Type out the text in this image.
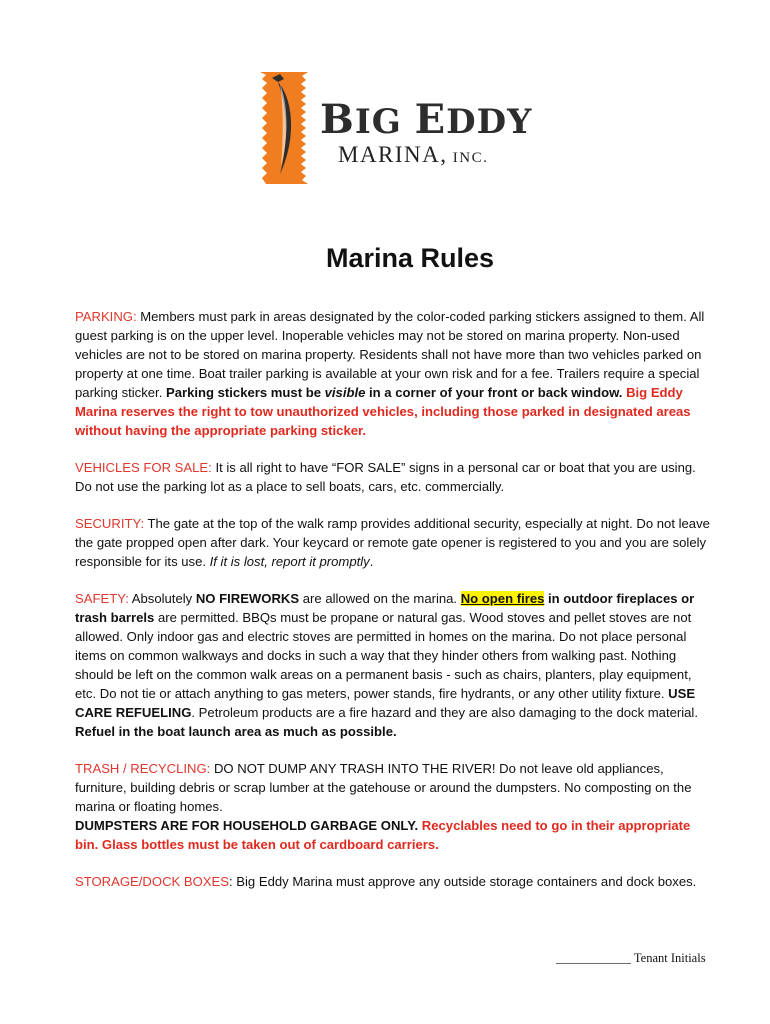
BIG EDDY
MARINA, INC.
Marina Rules

PARKING: Members must park in areas designated by the color-coded parking stickers assigned to them. All guest parking is on the upper level. Inoperable vehicles may not be stored on marina property. Non-used vehicles are not to be stored on marina property. Residents shall not have more than two vehicles parked on property at one time. Boat trailer parking is available at your own risk and for a fee. Trailers require a special parking sticker. Parking stickers must be visible in a corner of your front or back window. Big Eddy Marina reserves the right to tow unauthorized vehicles, including those parked in designated areas without having the appropriate parking sticker.

VEHICLES FOR SALE: It is all right to have “FOR SALE” signs in a personal car or boat that you are using. Do not use the parking lot as a place to sell boats, cars, etc. commercially.

SECURITY: The gate at the top of the walk ramp provides additional security, especially at night. Do not leave the gate propped open after dark. Your keycard or remote gate opener is registered to you and you are solely responsible for its use. If it is lost, report it promptly.

SAFETY: Absolutely NO FIREWORKS are allowed on the marina. No open fires in outdoor fireplaces or trash barrels are permitted. BBQs must be propane or natural gas. Wood stoves and pellet stoves are not allowed. Only indoor gas and electric stoves are permitted in homes on the marina. Do not place personal items on common walkways and docks in such a way that they hinder others from walking past. Nothing should be left on the common walk areas on a permanent basis - such as chairs, planters, play equipment, etc. Do not tie or attach anything to gas meters, power stands, fire hydrants, or any other utility fixture. USE CARE REFUELING. Petroleum products are a fire hazard and they are also damaging to the dock material. Refuel in the boat launch area as much as possible.

TRASH / RECYCLING: DO NOT DUMP ANY TRASH INTO THE RIVER! Do not leave old appliances, furniture, building debris or scrap lumber at the gatehouse or around the dumpsters. No composting on the marina or floating homes.

DUMPSTERS ARE FOR HOUSEHOLD GARBAGE ONLY. Recyclables need to go in their appropriate bin. Glass bottles must be taken out of cardboard carriers.

STORAGE/DOCK BOXES: Big Eddy Marina must approve any outside storage containers and dock boxes.

____________ Tenant Initials
